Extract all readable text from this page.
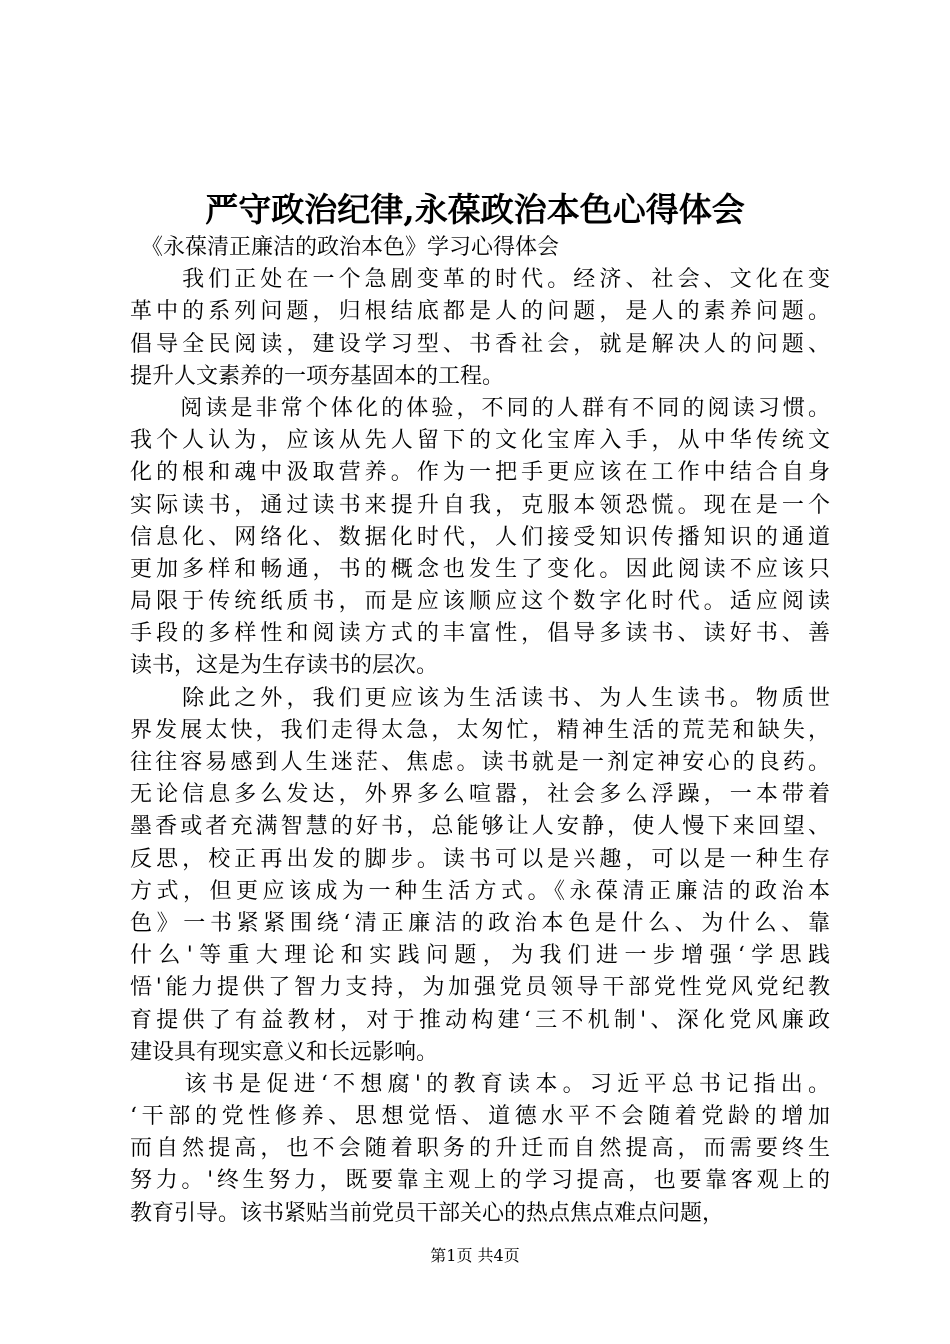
严守政治纪律,永葆政治本色心得体会
　《永葆清正廉洁的政治本色》学习心得体会
　　我们正处在一个急剧变革的时代。经济、社会、文化在变
革中的系列问题，归根结底都是人的问题，是人的素养问题。
倡导全民阅读，建设学习型、书香社会，就是解决人的问题、
提升人文素养的一项夯基固本的工程。
　　阅读是非常个体化的体验，不同的人群有不同的阅读习惯。
我个人认为，应该从先人留下的文化宝库入手，从中华传统文
化的根和魂中汲取营养。作为一把手更应该在工作中结合自身
实际读书，通过读书来提升自我，克服本领恐慌。现在是一个
信息化、网络化、数据化时代，人们接受知识传播知识的通道
更加多样和畅通，书的概念也发生了变化。因此阅读不应该只
局限于传统纸质书，而是应该顺应这个数字化时代。适应阅读
手段的多样性和阅读方式的丰富性，倡导多读书、读好书、善
读书，这是为生存读书的层次。
　　除此之外，我们更应该为生活读书、为人生读书。物质世
界发展太快，我们走得太急，太匆忙，精神生活的荒芜和缺失，
往往容易感到人生迷茫、焦虑。读书就是一剂定神安心的良药。
无论信息多么发达，外界多么喧嚣，社会多么浮躁，一本带着
墨香或者充满智慧的好书，总能够让人安静，使人慢下来回望、
反思，校正再出发的脚步。读书可以是兴趣，可以是一种生存
方式，但更应该成为一种生活方式。《永葆清正廉洁的政治本
色》一书紧紧围绕‘清正廉洁的政治本色是什么、为什么、靠
什么'等重大理论和实践问题，为我们进一步增强‘学思践
悟'能力提供了智力支持，为加强党员领导干部党性党风党纪教
育提供了有益教材，对于推动构建‘三不机制'、深化党风廉政
建设具有现实意义和长远影响。
　　该书是促进‘不想腐'的教育读本。习近平总书记指出。
‘干部的党性修养、思想觉悟、道德水平不会随着党龄的增加
而自然提高，也不会随着职务的升迁而自然提高，而需要终生
努力。'终生努力，既要靠主观上的学习提高，也要靠客观上的
教育引导。该书紧贴当前党员干部关心的热点焦点难点问题，
第1页 共4页
